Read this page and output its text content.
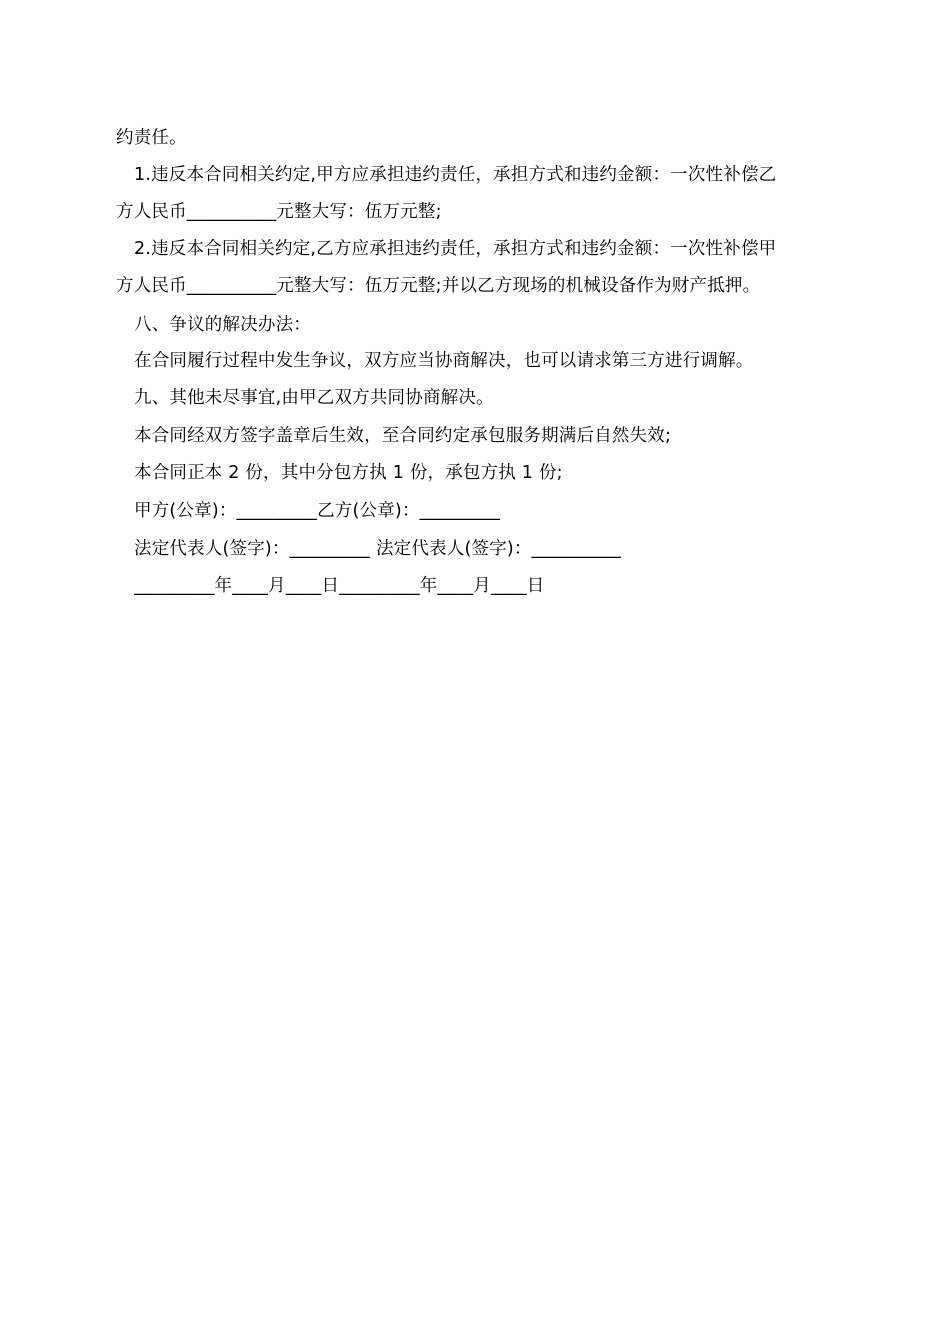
约责任。
1.违反本合同相关约定,甲方应承担违约责任，承担方式和违约金额：一次性补偿乙
方人民币__________元整大写：伍万元整;
2.违反本合同相关约定,乙方应承担违约责任，承担方式和违约金额：一次性补偿甲
方人民币__________元整大写：伍万元整;并以乙方现场的机械设备作为财产抵押。
八、争议的解决办法：
在合同履行过程中发生争议，双方应当协商解决，也可以请求第三方进行调解。
九、其他未尽事宜,由甲乙双方共同协商解决。
本合同经双方签字盖章后生效，至合同约定承包服务期满后自然失效;
本合同正本 2 份，其中分包方执 1 份，承包方执 1 份;
甲方(公章)：_________乙方(公章)：_________
法定代表人(签字)：_________ 法定代表人(签字)：__________
_________年____月____日_________年____月____日
